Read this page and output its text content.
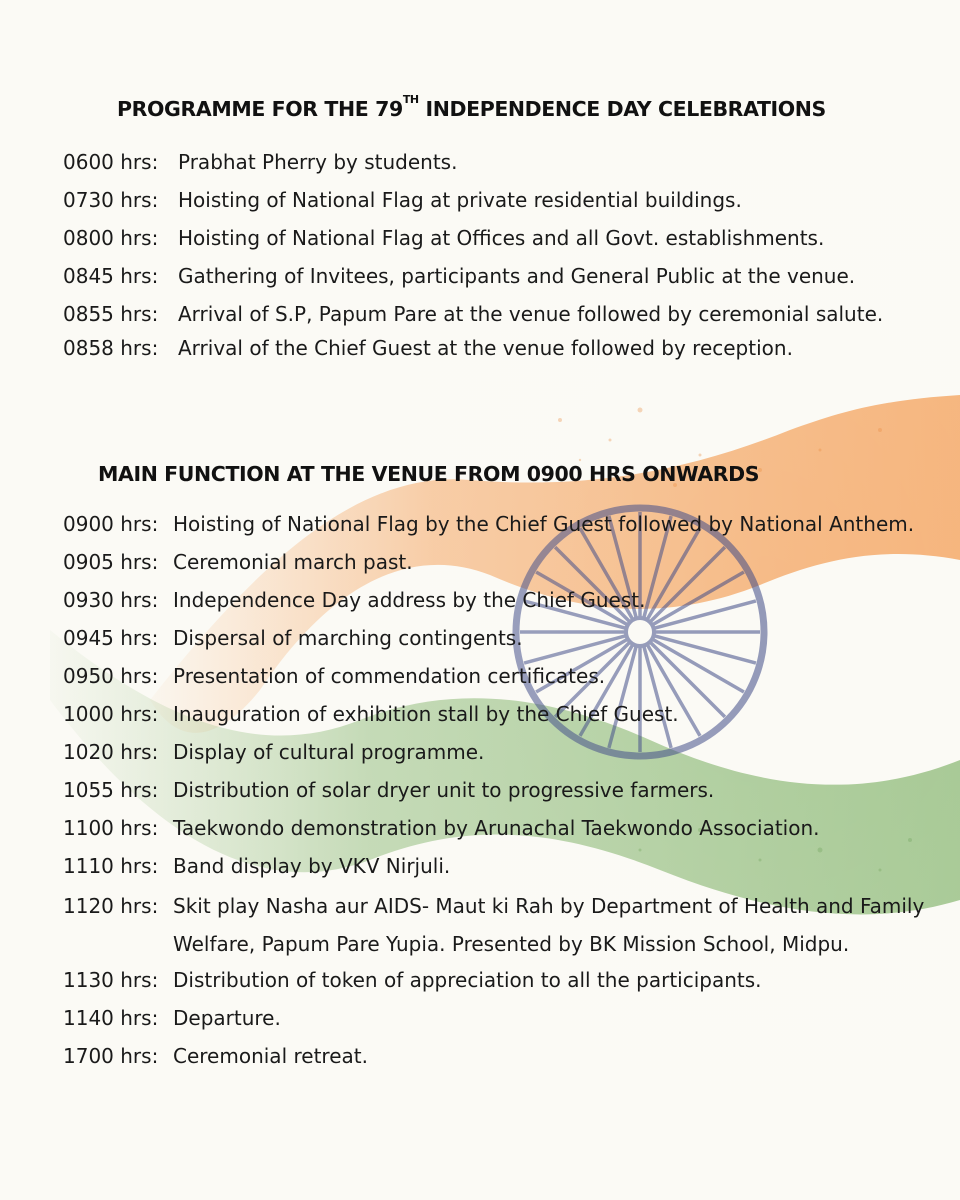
PROGRAMME FOR THE 79TH INDEPENDENCE DAY CELEBRATIONS
0600 hrs: Prabhat Pherry by students.
0730 hrs: Hoisting of National Flag at private residential buildings.
0800 hrs: Hoisting of National Flag at Offices and all Govt. establishments.
0845 hrs: Gathering of Invitees, participants and General Public at the venue.
0855 hrs: Arrival of S.P, Papum Pare at the venue followed by ceremonial salute.
0858 hrs: Arrival of the Chief Guest at the venue followed by reception.
MAIN FUNCTION AT THE VENUE FROM 0900 HRS ONWARDS
0900 hrs: Hoisting of National Flag by the Chief Guest followed by National Anthem.
0905 hrs: Ceremonial march past.
0930 hrs: Independence Day address by the Chief Guest.
0945 hrs: Dispersal of marching contingents.
0950 hrs: Presentation of commendation certificates.
1000 hrs: Inauguration of exhibition stall by the Chief Guest.
1020 hrs: Display of cultural programme.
1055 hrs: Distribution of solar dryer unit to progressive farmers.
1100 hrs: Taekwondo demonstration by Arunachal Taekwondo Association.
1110 hrs: Band display by VKV Nirjuli.
1120 hrs: Skit play Nasha aur AIDS- Maut ki Rah by Department of Health and Family Welfare, Papum Pare Yupia. Presented by BK Mission School, Midpu.
1130 hrs: Distribution of token of appreciation to all the participants.
1140 hrs: Departure.
1700 hrs: Ceremonial retreat.
